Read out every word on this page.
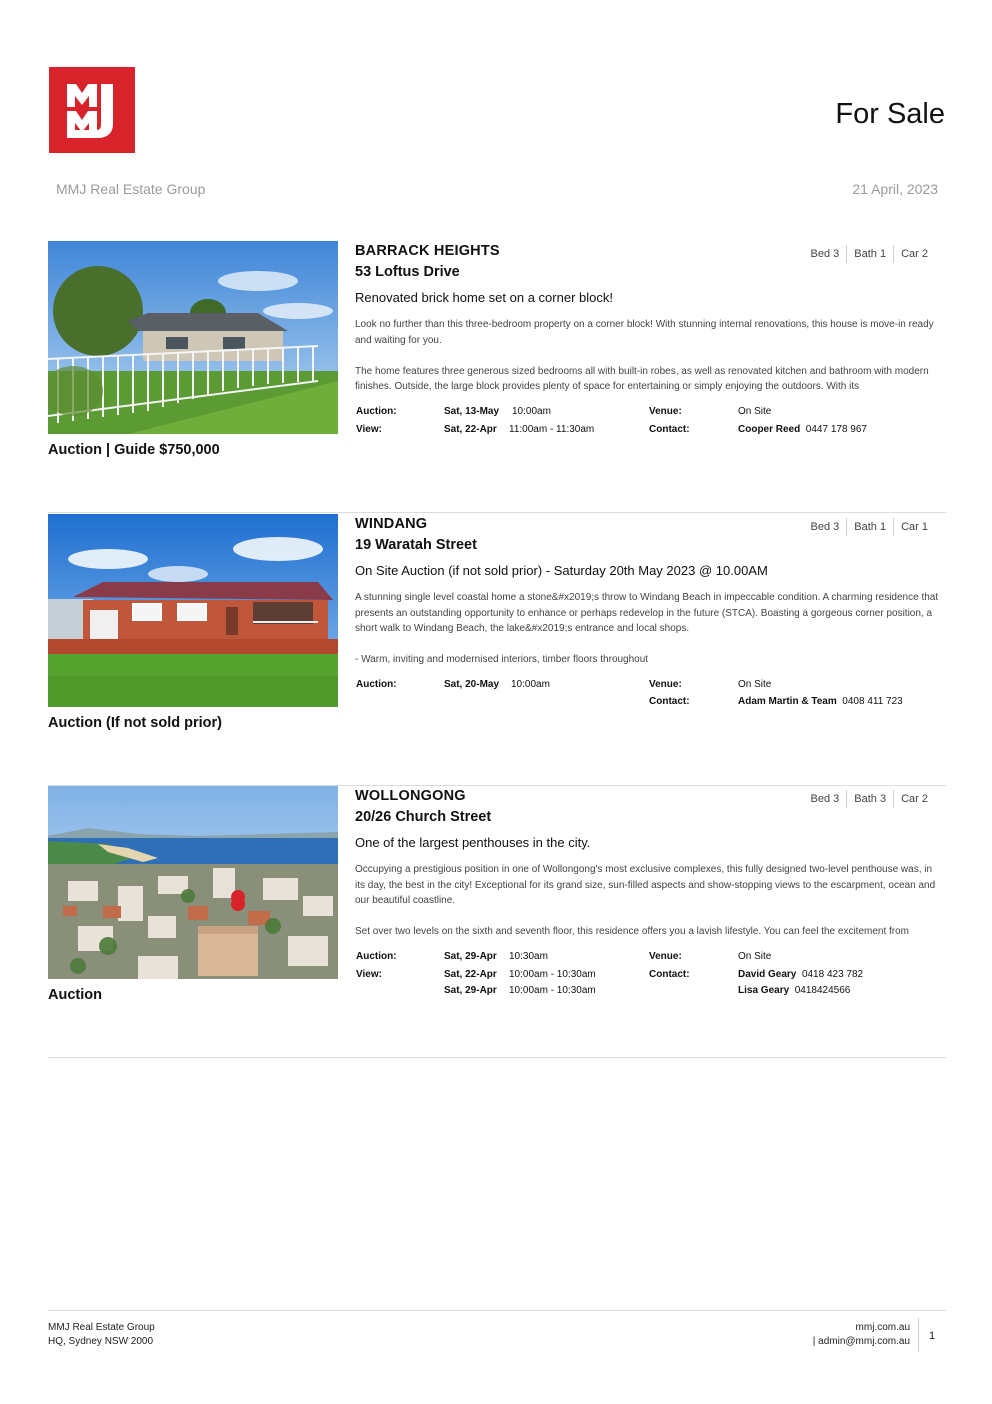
For Sale
MMJ Real Estate Group	21 April, 2023
Auction | Guide $750,000
BARRACK HEIGHTS
53 Loftus Drive
Bed 3	Bath 1	Car 2
Renovated brick home set on a corner block!

Look no further than this three-bedroom property on a corner block! With stunning internal renovations, this house is move-in ready and waiting for you.

The home features three generous sized bedrooms all with built-in robes, as well as renovated kitchen and bathroom with modern finishes. Outside, the large block provides plenty of space for entertaining or simply enjoying the outdoors. With its

Auction:	Sat, 13-May 10:00am	Venue:	On Site
View:	Sat, 22-Apr 11:00am - 11:30am	Contact:	Cooper Reed 0447 178 967
Auction (If not sold prior)
WINDANG
19 Waratah Street
Bed 3	Bath 1	Car 1
On Site Auction (if not sold prior) - Saturday 20th May 2023 @ 10.00AM

A stunning single level coastal home a stone&#x2019;s throw to Windang Beach in impeccable condition. A charming residence that presents an outstanding opportunity to enhance or perhaps redevelop in the future (STCA). Boasting a gorgeous corner position, a short walk to Windang Beach, the lake&#x2019;s entrance and local shops.

- Warm, inviting and modernised interiors, timber floors throughout

Auction:	Sat, 20-May 10:00am	Venue:	On Site
Contact:	Adam Martin & Team 0408 411 723
Auction
WOLLONGONG
20/26 Church Street
Bed 3	Bath 3	Car 2
One of the largest penthouses in the city.

Occupying a prestigious position in one of Wollongong's most exclusive complexes, this fully designed two-level penthouse was, in its day, the best in the city! Exceptional for its grand size, sun-filled aspects and show-stopping views to the escarpment, ocean and our beautiful coastline.

Set over two levels on the sixth and seventh floor, this residence offers you a lavish lifestyle. You can feel the excitement from

Auction:	Sat, 29-Apr 10:30am	Venue:	On Site
View:	Sat, 22-Apr 10:00am - 10:30am	Contact:	David Geary 0418 423 782
Sat, 29-Apr 10:00am - 10:30am	Lisa Geary 0418424566
MMJ Real Estate Group
HQ, Sydney NSW 2000
mmj.com.au
| admin@mmj.com.au 1
